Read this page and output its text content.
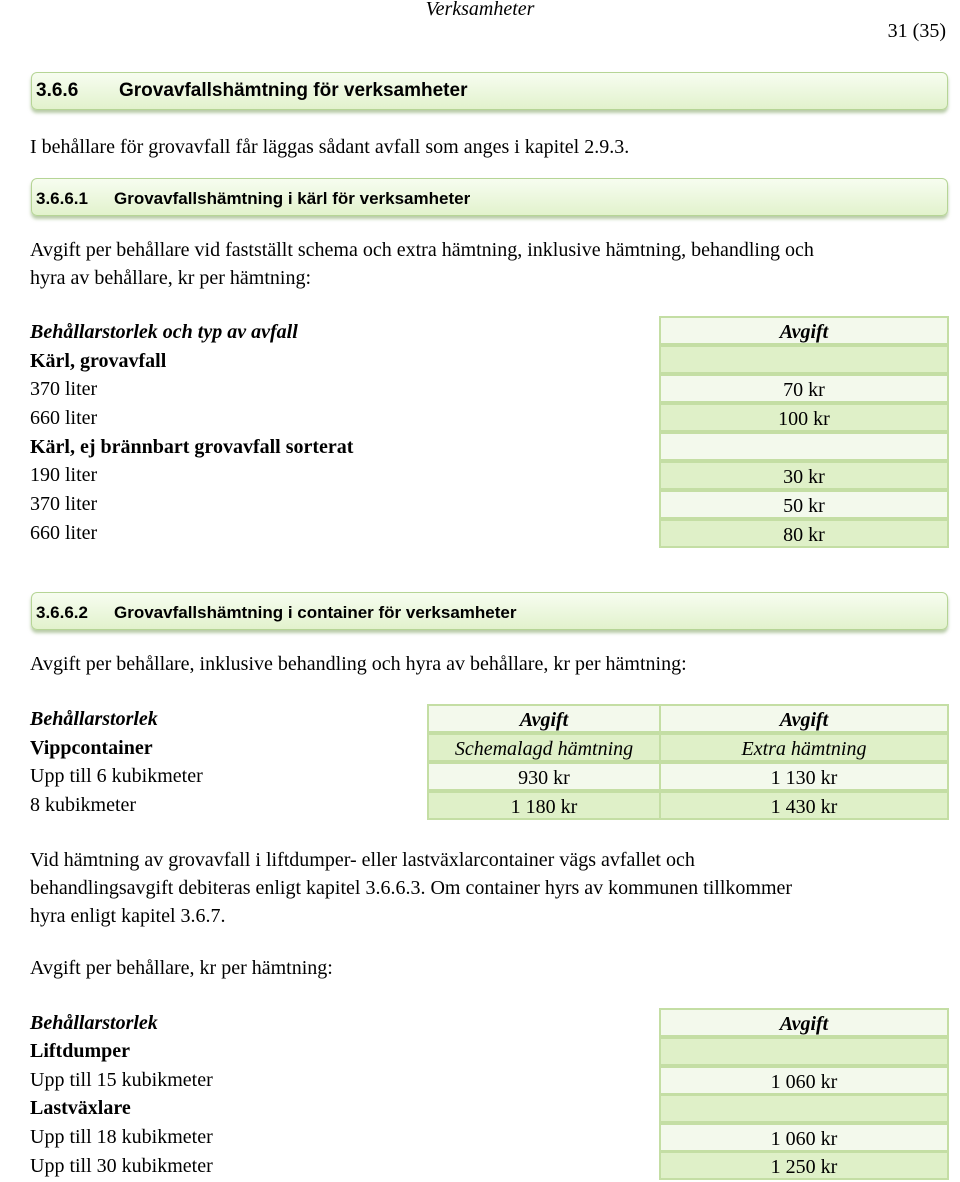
Verksamheter
31 (35)
3.6.6 Grovavfallshämtning för verksamheter
I behållare för grovavfall får läggas sådant avfall som anges i kapitel 2.9.3.
3.6.6.1 Grovavfallshämtning i kärl för verksamheter
Avgift per behållare vid fastställt schema och extra hämtning, inklusive hämtning, behandling och
hyra av behållare, kr per hämtning:
Behållarstorlek och typ av avfall	Avgift
Kärl, grovavfall
370 liter	70 kr
660 liter	100 kr
Kärl, ej brännbart grovavfall sorterat
190 liter	30 kr
370 liter	50 kr
660 liter	80 kr
3.6.6.2 Grovavfallshämtning i container för verksamheter
Avgift per behållare, inklusive behandling och hyra av behållare, kr per hämtning:
Behållarstorlek	Avgift	Avgift
Vippcontainer	Schemalagd hämtning	Extra hämtning
Upp till 6 kubikmeter	930 kr	1 130 kr
8 kubikmeter	1 180 kr	1 430 kr
Vid hämtning av grovavfall i liftdumper- eller lastväxlarcontainer vägs avfallet och
behandlingsavgift debiteras enligt kapitel 3.6.6.3. Om container hyrs av kommunen tillkommer
hyra enligt kapitel 3.6.7.
Avgift per behållare, kr per hämtning:
Behållarstorlek	Avgift
Liftdumper
Upp till 15 kubikmeter	1 060 kr
Lastväxlare
Upp till 18 kubikmeter	1 060 kr
Upp till 30 kubikmeter	1 250 kr
